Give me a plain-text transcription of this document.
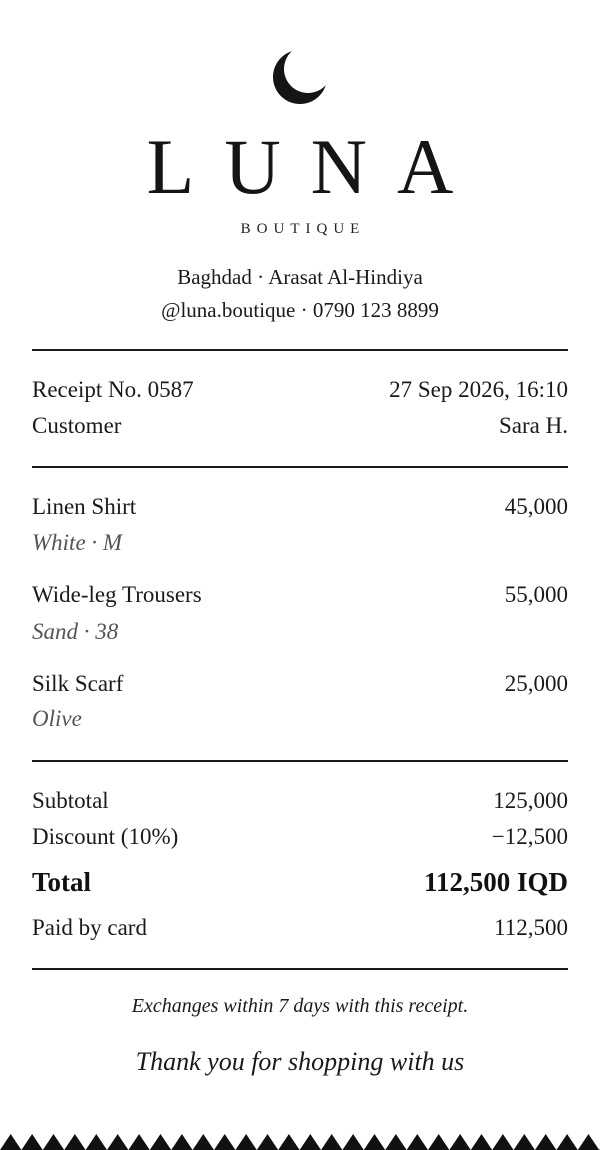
LUNA
BOUTIQUE
Baghdad · Arasat Al-Hindiya
@luna.boutique · 0790 123 8899
Receipt No. 0587	27 Sep 2026, 16:10
Customer	Sara H.
Linen Shirt	45,000
White · M
Wide-leg Trousers	55,000
Sand · 38
Silk Scarf	25,000
Olive
Subtotal	125,000
Discount (10%)	−12,500
Total	112,500 IQD
Paid by card	112,500
Exchanges within 7 days with this receipt.
Thank you for shopping with us
